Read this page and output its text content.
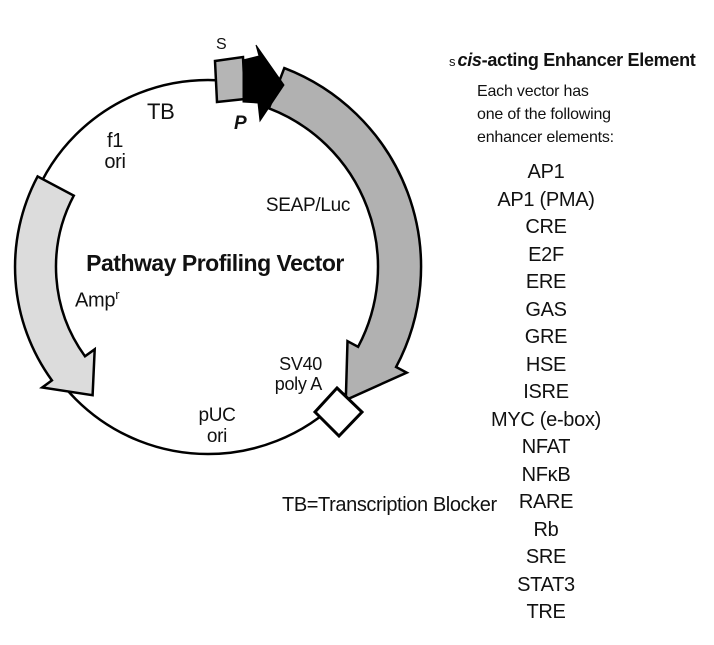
S
P
TB
f1
ori
SEAP/Luc
Pathway Profiling Vector
Amp$^r$
SV40
poly A
pUC
ori
TB=Transcription Blocker
s cis-acting Enhancer Element
Each vector has
one of the following
enhancer elements:
AP1
AP1 (PMA)
CRE
E2F
ERE
GAS
GRE
HSE
ISRE
MYC (e-box)
NFAT
NFκB
RARE
Rb
SRE
STAT3
TRE
